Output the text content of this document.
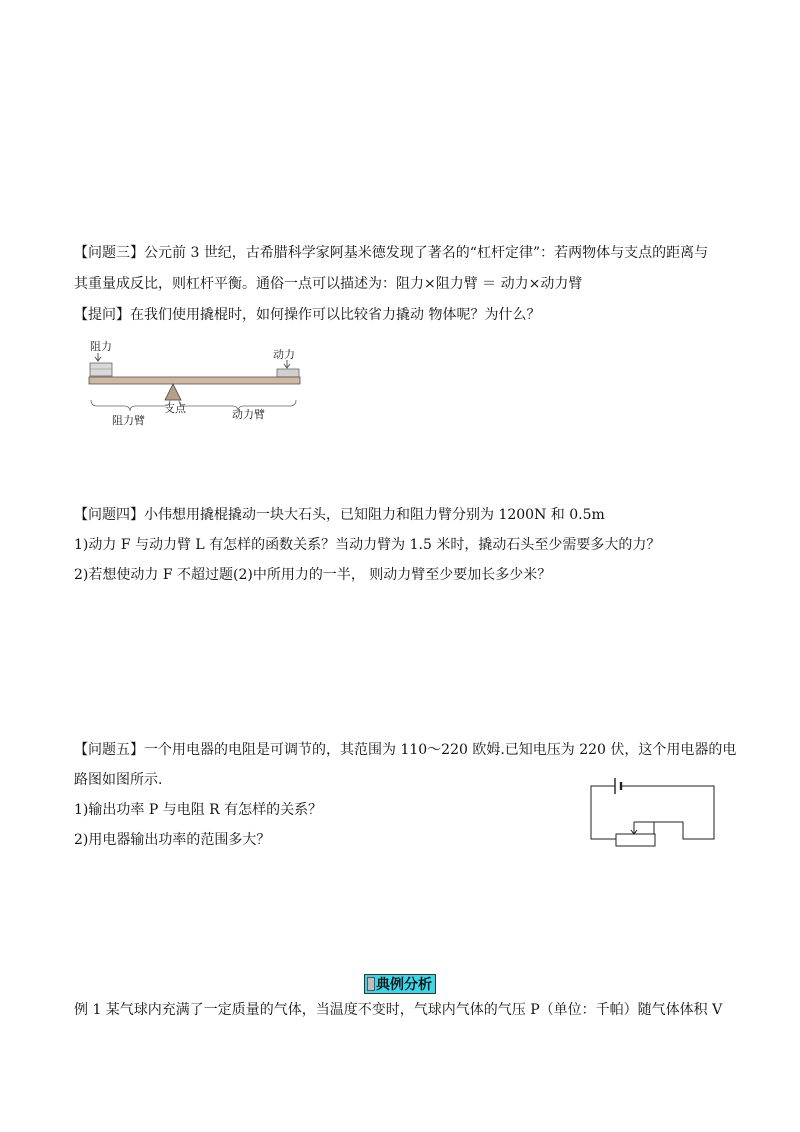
【问题三】公元前 3 世纪，古希腊科学家阿基米德发现了著名的“杠杆定律”：若两物体与支点的距离与
其重量成反比，则杠杆平衡。通俗一点可以描述为：阻力×阻力臂 ＝ 动力×动力臂
【提问】在我们使用撬棍时，如何操作可以比较省力撬动 物体呢？为什么？
阻力
动力
支点
阻力臂	动力臂
【问题四】小伟想用撬棍撬动一块大石头，已知阻力和阻力臂分别为 1200N 和 0.5m
1)动力 F 与动力臂 L 有怎样的函数关系？当动力臂为 1.5 米时，撬动石头至少需要多大的力？
2)若想使动力 F 不超过题(2)中所用力的一半， 则动力臂至少要加长多少米？
【问题五】一个用电器的电阻是可调节的，其范围为 110～220 欧姆.已知电压为 220 伏，这个用电器的电
路图如图所示.
1)输出功率 P 与电阻 R 有怎样的关系？
2)用电器输出功率的范围多大？
典例分析
例 1 某气球内充满了一定质量的气体，当温度不变时，气球内气体的气压 P（单位：千帕）随气体体积 V
